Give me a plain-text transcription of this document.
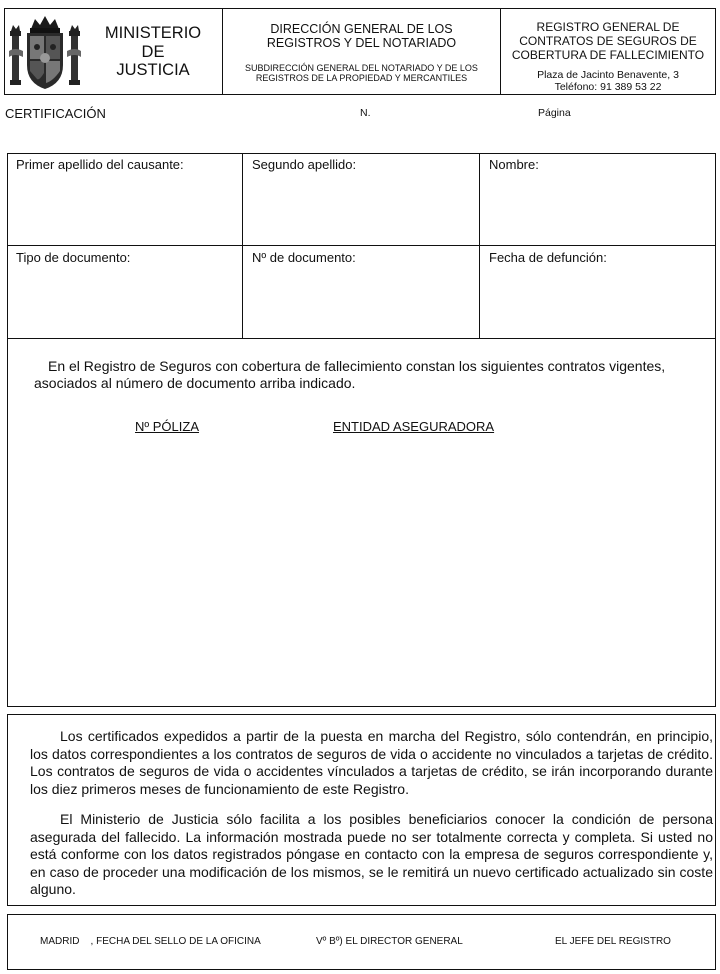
MINISTERIO
DE
JUSTICIA
DIRECCIÓN GENERAL DE LOS
REGISTROS Y DEL NOTARIADO
SUBDIRECCIÓN GENERAL DEL NOTARIADO Y DE LOS
REGISTROS DE LA PROPIEDAD Y MERCANTILES
REGISTRO GENERAL DE
CONTRATOS DE SEGUROS DE
COBERTURA DE FALLECIMIENTO
Plaza de Jacinto Benavente, 3
Teléfono: 91 389 53 22
CERTIFICACIÓN	N.	Página
Primer apellido del causante:	Segundo apellido:	Nombre:
Tipo de documento:	Nº de documento:	Fecha de defunción:
En el Registro de Seguros con cobertura de fallecimiento constan los siguientes contratos vigentes, asociados al número de documento arriba indicado.
Nº PÓLIZA	ENTIDAD ASEGURADORA
Los certificados expedidos a partir de la puesta en marcha del Registro, sólo contendrán, en principio, los datos correspondientes a los contratos de seguros de vida o accidente no vinculados a tarjetas de crédito. Los contratos de seguros de vida o accidentes vínculados a tarjetas de crédito, se irán incorporando durante los diez primeros meses de funcionamiento de este Registro.
El Ministerio de Justicia sólo facilita a los posibles beneficiarios conocer la condición de persona asegurada del fallecido. La información mostrada puede no ser totalmente correcta y completa. Si usted no está conforme con los datos registrados póngase en contacto con la empresa de seguros correspondiente y, en caso de proceder una modificación de los mismos, se le remitirá un nuevo certificado actualizado sin coste alguno.
MADRID    , FECHA DEL SELLO DE LA OFICINA	Vº Bº) EL DIRECTOR GENERAL	EL JEFE DEL REGISTRO
